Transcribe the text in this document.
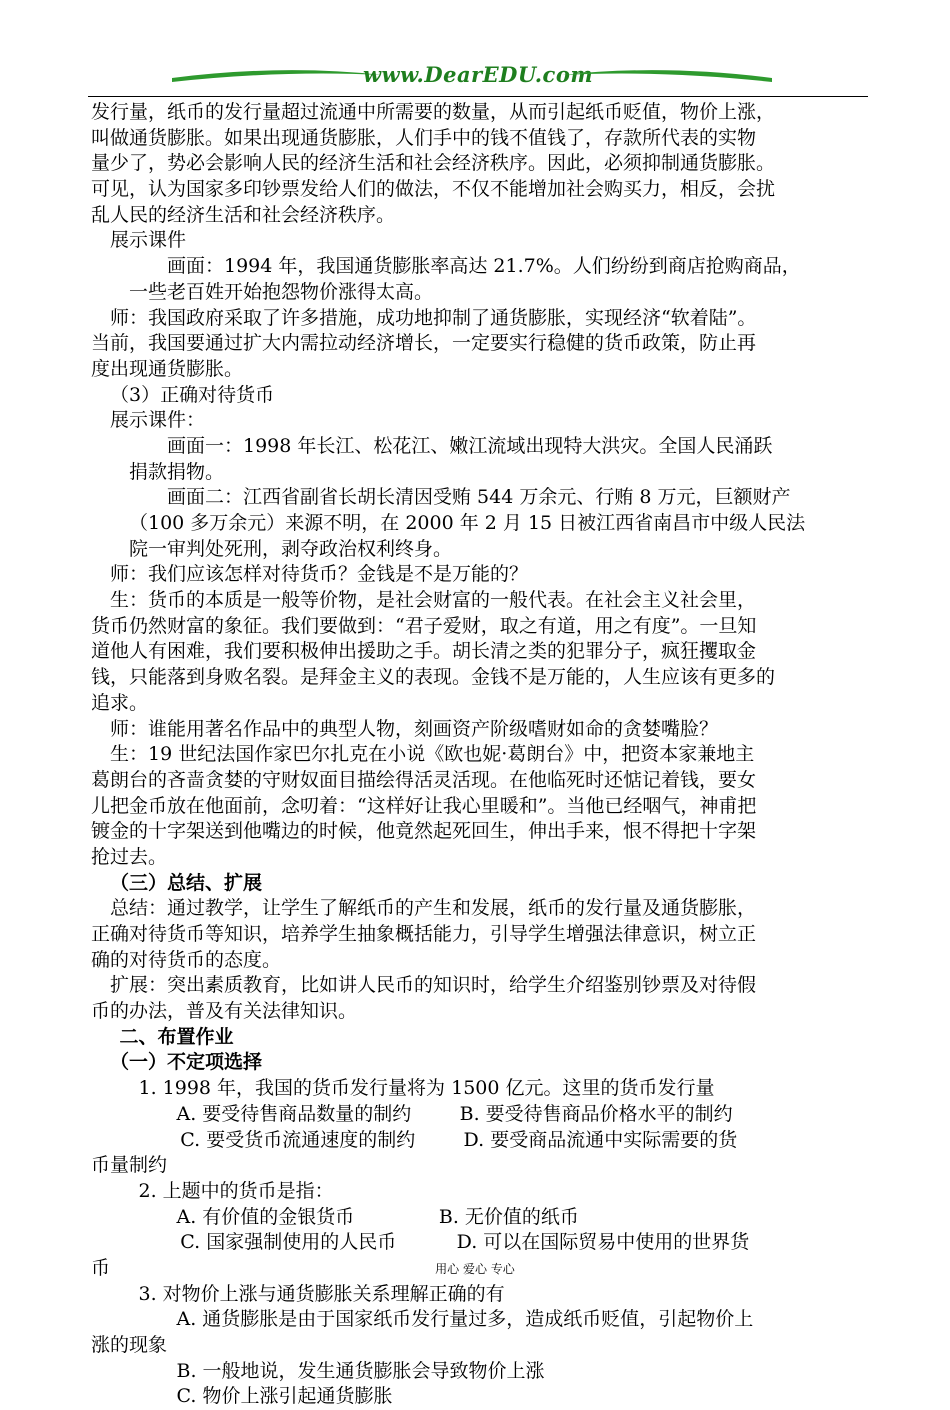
www.DearEDU.com
发行量，纸币的发行量超过流通中所需要的数量，从而引起纸币贬值，物价上涨，
叫做通货膨胀。如果出现通货膨胀，人们手中的钱不值钱了，存款所代表的实物
量少了，势必会影响人民的经济生活和社会经济秩序。因此，必须抑制通货膨胀。
可见，认为国家多印钞票发给人们的做法，不仅不能增加社会购买力，相反，会扰
乱人民的经济生活和社会经济秩序。
展示课件
画面：1994 年，我国通货膨胀率高达 21.7%。人们纷纷到商店抢购商品，
一些老百姓开始抱怨物价涨得太高。
师：我国政府采取了许多措施，成功地抑制了通货膨胀，实现经济“软着陆”。
当前，我国要通过扩大内需拉动经济增长，一定要实行稳健的货币政策，防止再
度出现通货膨胀。
（3）正确对待货币
展示课件：
画面一：1998 年长江、松花江、嫩江流域出现特大洪灾。全国人民涌跃
捐款捐物。
画面二：江西省副省长胡长清因受贿 544 万余元、行贿 8 万元，巨额财产
（100 多万余元）来源不明，在 2000 年 2 月 15 日被江西省南昌市中级人民法
院一审判处死刑，剥夺政治权利终身。
师：我们应该怎样对待货币？金钱是不是万能的？
生：货币的本质是一般等价物，是社会财富的一般代表。在社会主义社会里，
货币仍然财富的象征。我们要做到：“君子爱财，取之有道，用之有度”。一旦知
道他人有困难，我们要积极伸出援助之手。胡长清之类的犯罪分子，疯狂攫取金
钱，只能落到身败名裂。是拜金主义的表现。金钱不是万能的，人生应该有更多的
追求。
师：谁能用著名作品中的典型人物，刻画资产阶级嗜财如命的贪婪嘴脸？
生：19 世纪法国作家巴尔扎克在小说《欧也妮·葛朗台》中，把资本家兼地主
葛朗台的吝啬贪婪的守财奴面目描绘得活灵活现。在他临死时还惦记着钱，要女
儿把金币放在他面前，念叨着：“这样好让我心里暖和”。当他已经咽气，神甫把
镀金的十字架送到他嘴边的时候，他竟然起死回生，伸出手来，恨不得把十字架
抢过去。
（三）总结、扩展
总结：通过教学，让学生了解纸币的产生和发展，纸币的发行量及通货膨胀，
正确对待货币等知识，培养学生抽象概括能力，引导学生增强法律意识，树立正
确的对待货币的态度。
扩展：突出素质教育，比如讲人民币的知识时，给学生介绍鉴别钞票及对待假
币的办法，普及有关法律知识。
二、布置作业
（一）不定项选择
1. 1998 年，我国的货币发行量将为 1500 亿元。这里的货币发行量
A. 要受待售商品数量的制约        B. 要受待售商品价格水平的制约
C. 要受货币流通速度的制约        D. 要受商品流通中实际需要的货
币量制约
2. 上题中的货币是指：
A. 有价值的金银货币              B. 无价值的纸币
C. 国家强制使用的人民币          D. 可以在国际贸易中使用的世界货
币
3. 对物价上涨与通货膨胀关系理解正确的有
A. 通货膨胀是由于国家纸币发行量过多，造成纸币贬值，引起物价上
涨的现象
B. 一般地说，发生通货膨胀会导致物价上涨
C. 物价上涨引起通货膨胀
用心 爱心 专心
